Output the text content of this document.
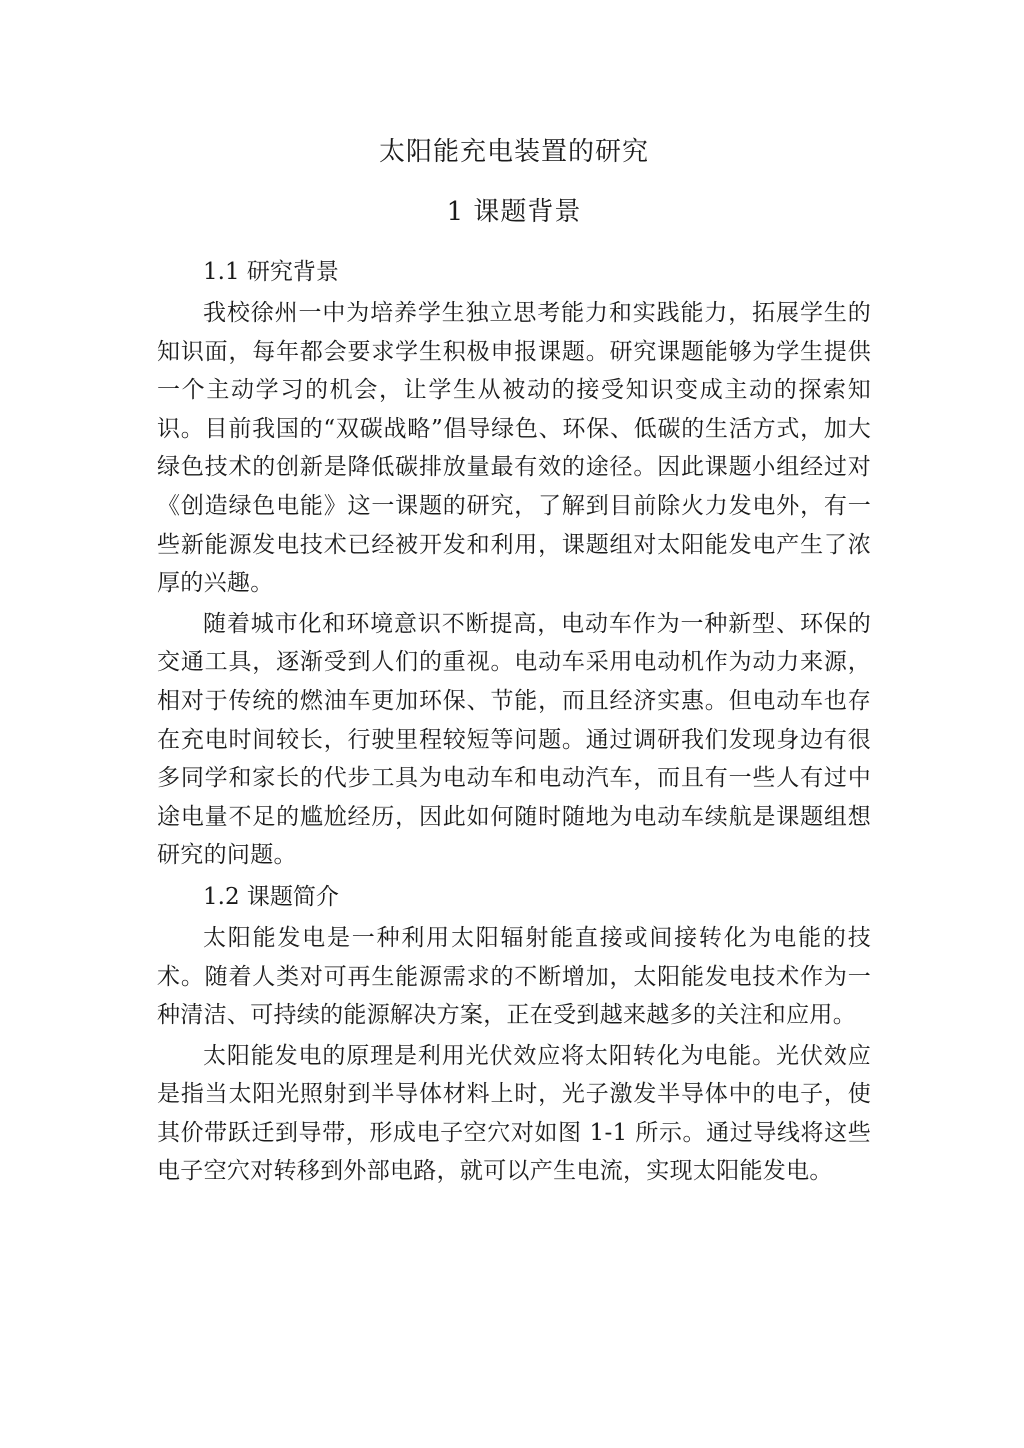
太阳能充电装置的研究
1 课题背景
1.1 研究背景

我校徐州一中为培养学生独立思考能力和实践能力，拓展学生的知识面，每年都会要求学生积极申报课题。研究课题能够为学生提供一个主动学习的机会，让学生从被动的接受知识变成主动的探索知识。目前我国的“双碳战略”倡导绿色、环保、低碳的生活方式，加大绿色技术的创新是降低碳排放量最有效的途径。因此课题小组经过对《创造绿色电能》这一课题的研究，了解到目前除火力发电外，有一些新能源发电技术已经被开发和利用，课题组对太阳能发电产生了浓厚的兴趣。

随着城市化和环境意识不断提高，电动车作为一种新型、环保的交通工具，逐渐受到人们的重视。电动车采用电动机作为动力来源，相对于传统的燃油车更加环保、节能，而且经济实惠。但电动车也存在充电时间较长，行驶里程较短等问题。通过调研我们发现身边有很多同学和家长的代步工具为电动车和电动汽车，而且有一些人有过中途电量不足的尴尬经历，因此如何随时随地为电动车续航是课题组想研究的问题。

1.2 课题简介

太阳能发电是一种利用太阳辐射能直接或间接转化为电能的技术。随着人类对可再生能源需求的不断增加，太阳能发电技术作为一种清洁、可持续的能源解决方案，正在受到越来越多的关注和应用。

太阳能发电的原理是利用光伏效应将太阳转化为电能。光伏效应是指当太阳光照射到半导体材料上时，光子激发半导体中的电子，使其价带跃迁到导带，形成电子空穴对如图 1-1 所示。通过导线将这些电子空穴对转移到外部电路，就可以产生电流，实现太阳能发电。
